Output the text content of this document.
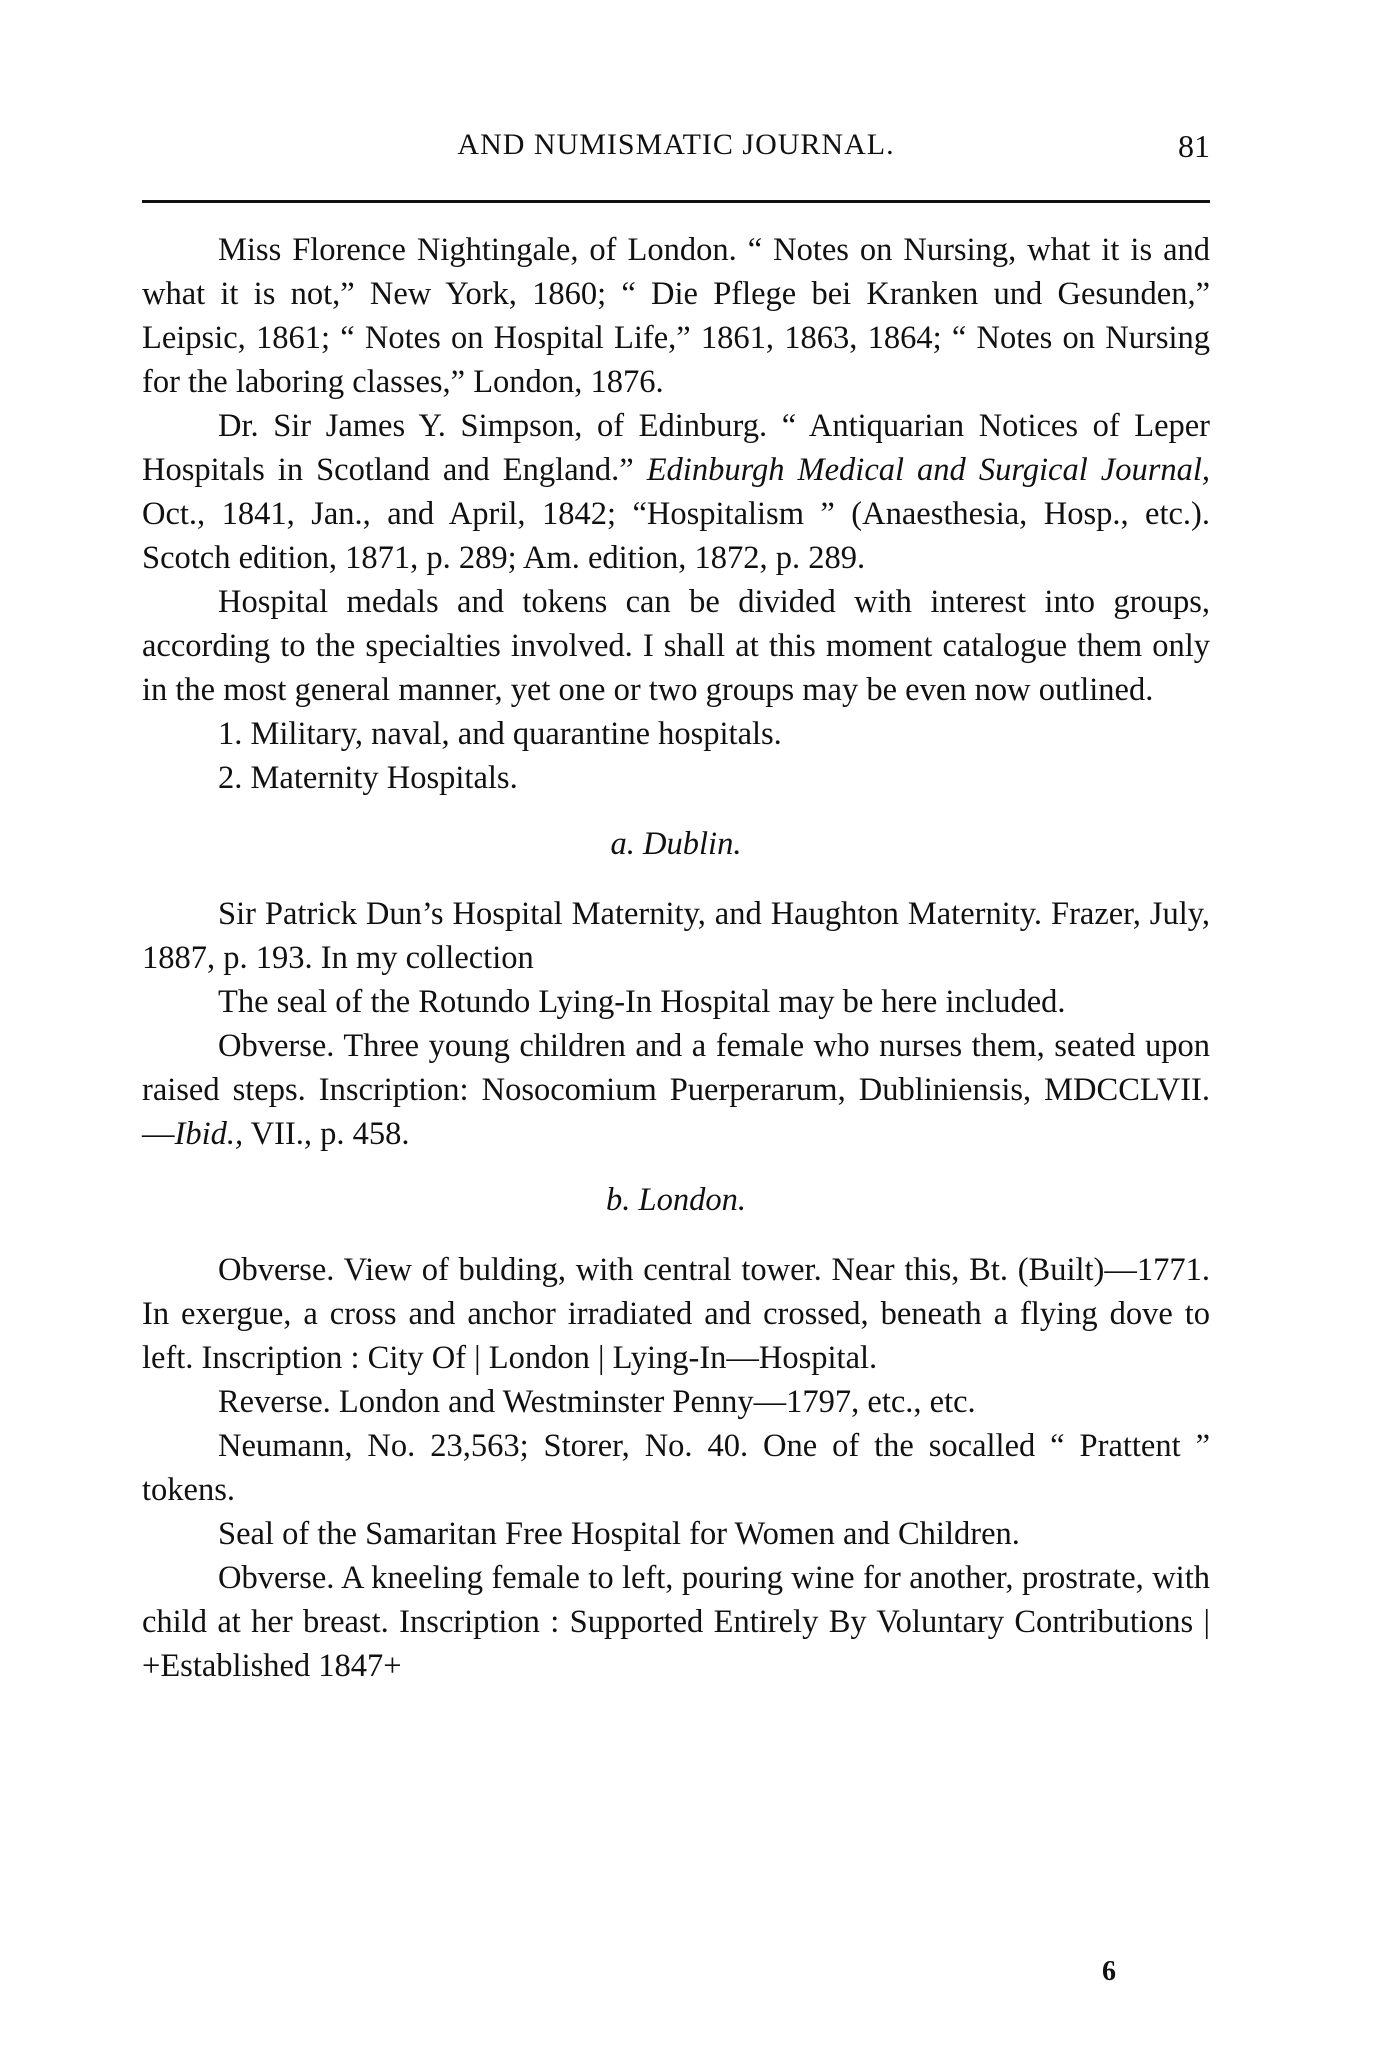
AND NUMISMATIC JOURNAL.	81

Miss Florence Nightingale, of London. “ Notes on Nursing, what it is and what it is not,” New York, 1860; “ Die Pflege bei Kranken und Gesunden,” Leipsic, 1861; “ Notes on Hospital Life,” 1861, 1863, 1864; “ Notes on Nursing for the laboring classes,” London, 1876.

Dr. Sir James Y. Simpson, of Edinburg. “ Antiquarian Notices of Leper Hospitals in Scotland and England.” Edinburgh Medical and Surgical Journal, Oct., 1841, Jan., and April, 1842; “Hospitalism ” (Anaesthesia, Hosp., etc.). Scotch edition, 1871, p. 289; Am. edition, 1872, p. 289.

Hospital medals and tokens can be divided with interest into groups, according to the specialties involved. I shall at this moment catalogue them only in the most general manner, yet one or two groups may be even now outlined.

1. Military, naval, and quarantine hospitals.

2. Maternity Hospitals.

a. Dublin.

Sir Patrick Dun’s Hospital Maternity, and Haughton Maternity. Frazer, July, 1887, p. 193. In my collection

The seal of the Rotundo Lying-In Hospital may be here included.

Obverse. Three young children and a female who nurses them, seated upon raised steps. Inscription: Nosocomium Puerperarum, Dubliniensis, MDCCLVII. —Ibid., VII., p. 458.

b. London.

Obverse. View of bulding, with central tower. Near this, Bt. (Built)—1771. In exergue, a cross and anchor irradiated and crossed, beneath a flying dove to left. Inscription : City Of | London | Lying-In—Hospital.

Reverse. London and Westminster Penny—1797, etc., etc.

Neumann, No. 23,563; Storer, No. 40. One of the socalled “ Prattent ” tokens.

Seal of the Samaritan Free Hospital for Women and Children.

Obverse. A kneeling female to left, pouring wine for another, prostrate, with child at her breast. Inscription : Supported Entirely By Voluntary Contributions | +Established 1847+

6
